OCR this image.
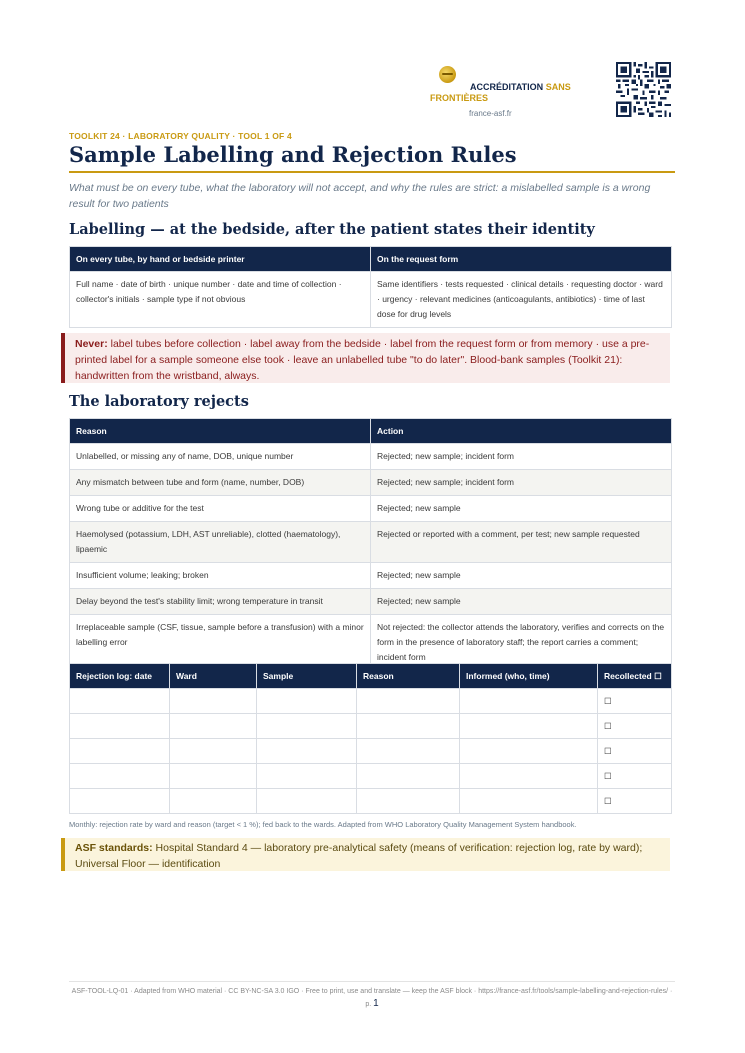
ACCRÉDITATION SANS FRONTIÈRES
france-asf.fr
TOOLKIT 24 · LABORATORY QUALITY · TOOL 1 OF 4
Sample Labelling and Rejection Rules

What must be on every tube, what the laboratory will not accept, and why the rules are strict: a mislabelled sample is a wrong result for two patients

Labelling — at the bedside, after the patient states their identity
On every tube, by hand or bedside printer	On the request form
Full name · date of birth · unique number · date and time of collection · collector's initials · sample type if not obvious	Same identifiers · tests requested · clinical details · requesting doctor · ward · urgency · relevant medicines (anticoagulants, antibiotics) · time of last dose for drug levels
Never: label tubes before collection · label away from the bedside · label from the request form or from memory · use a pre-printed label for a sample someone else took · leave an unlabelled tube "to do later". Blood-bank samples (Toolkit 21): handwritten from the wristband, always.
The laboratory rejects
Reason	Action
Unlabelled, or missing any of name, DOB, unique number	Rejected; new sample; incident form
Any mismatch between tube and form (name, number, DOB)	Rejected; new sample; incident form
Wrong tube or additive for the test	Rejected; new sample
Haemolysed (potassium, LDH, AST unreliable), clotted (haematology), lipaemic	Rejected or reported with a comment, per test; new sample requested
Insufficient volume; leaking; broken	Rejected; new sample
Delay beyond the test's stability limit; wrong temperature in transit	Rejected; new sample
Irreplaceable sample (CSF, tissue, sample before a transfusion) with a minor labelling error	Not rejected: the collector attends the laboratory, verifies and corrects on the form in the presence of laboratory staff; the report carries a comment; incident form
Rejection log: date	Ward	Sample	Reason	Informed (who, time)	Recollected ☐
					☐
					☐
					☐
					☐
					☐
Monthly: rejection rate by ward and reason (target < 1 %); fed back to the wards. Adapted from WHO Laboratory Quality Management System handbook.
ASF standards: Hospital Standard 4 — laboratory pre-analytical safety (means of verification: rejection log, rate by ward); Universal Floor — identification
ASF-TOOL-LQ-01 · Adapted from WHO material · CC BY-NC-SA 3.0 IGO · Free to print, use and translate — keep the ASF block · https://france-asf.fr/tools/sample-labelling-and-rejection-rules/ · p. 1
